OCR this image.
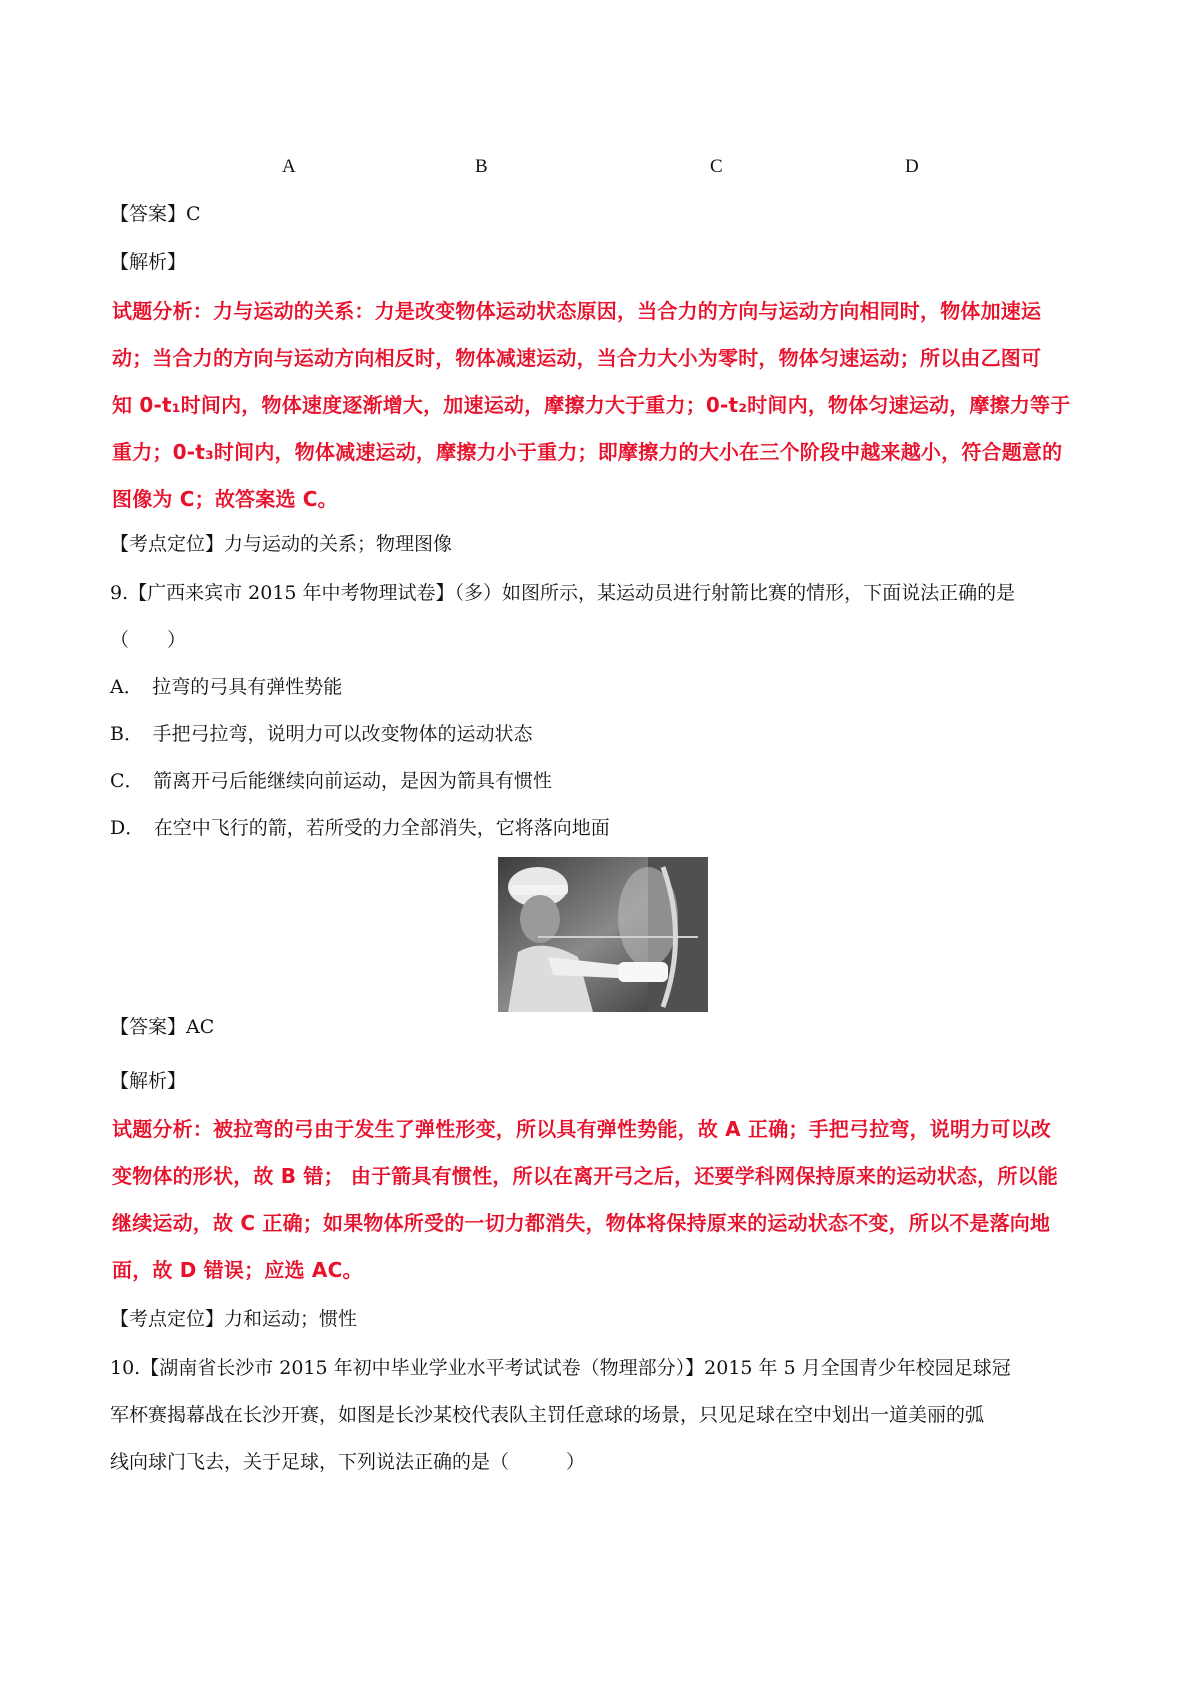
A	B	C	D
【答案】C
【解析】

试题分析：力与运动的关系：力是改变物体运动状态原因，当合力的方向与运动方向相同时，物体加速运

动；当合力的方向与运动方向相反时，物体减速运动，当合力大小为零时，物体匀速运动；所以由乙图可

知 0-t₁时间内，物体速度逐渐增大，加速运动，摩擦力大于重力；0-t₂时间内，物体匀速运动，摩擦力等于

重力；0-t₃时间内，物体减速运动，摩擦力小于重力；即摩擦力的大小在三个阶段中越来越小，符合题意的

图像为 C；故答案选 C。

【考点定位】力与运动的关系；物理图像

9.【广西来宾市 2015 年中考物理试卷】（多）如图所示，某运动员进行射箭比赛的情形，下面说法正确的是

（　　）

A．　拉弯的弓具有弹性势能

B．　手把弓拉弯，说明力可以改变物体的运动状态

C．　箭离开弓后能继续向前运动，是因为箭具有惯性

D．　在空中飞行的箭，若所受的力全部消失，它将落向地面

【答案】AC
【解析】

试题分析：被拉弯的弓由于发生了弹性形变，所以具有弹性势能，故 A 正确；手把弓拉弯，说明力可以改

变物体的形状，故 B 错； 由于箭具有惯性，所以在离开弓之后，还要学科网保持原来的运动状态，所以能

继续运动，故 C 正确；如果物体所受的一切力都消失，物体将保持原来的运动状态不变，所以不是落向地

面，故 D 错误；应选 AC。

【考点定位】力和运动；惯性

10.【湖南省长沙市 2015 年初中毕业学业水平考试试卷（物理部分）】2015 年 5 月全国青少年校园足球冠

军杯赛揭幕战在长沙开赛，如图是长沙某校代表队主罚任意球的场景，只见足球在空中划出一道美丽的弧

线向球门飞去，关于足球，下列说法正确的是（　　　）
